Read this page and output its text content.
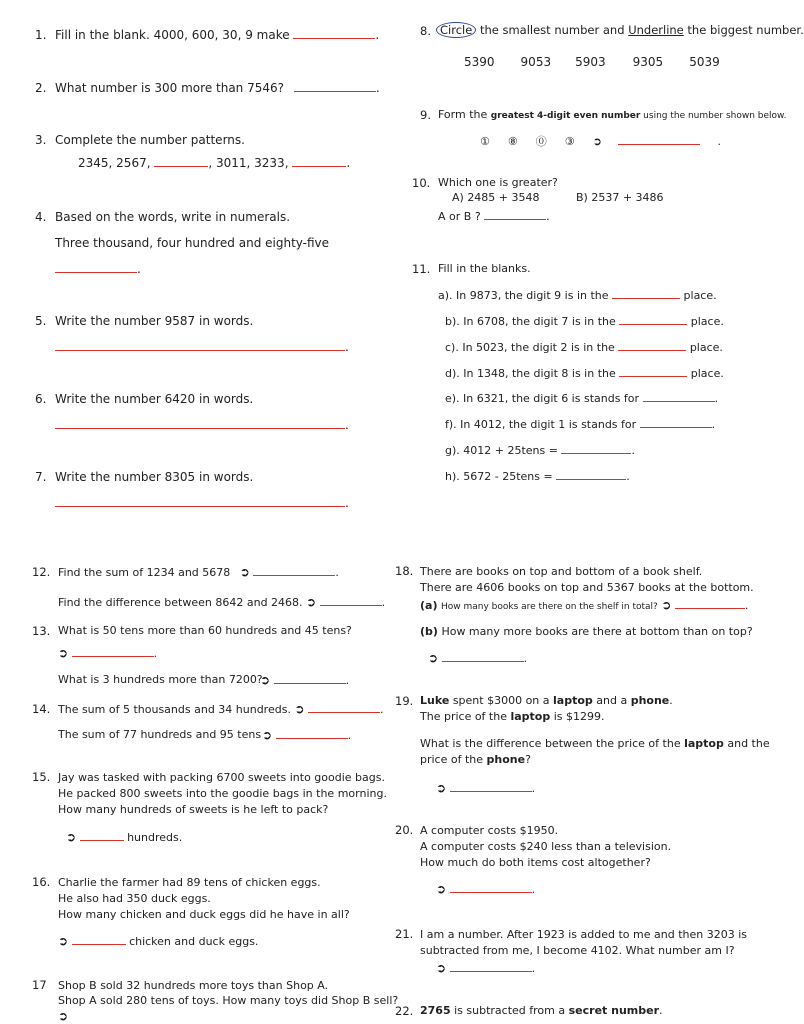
1. Fill in the blank. 4000, 600, 30, 9 make	.
2. What number is 300 more than 7546?	.
3. Complete the number patterns.
2345, 2567,	, 3011, 3233,	.
4. Based on the words, write in numerals.
Three thousand, four hundred and eighty-five
.
5. Write the number 9587 in words.
.
6. Write the number 6420 in words.
.
7. Write the number 8305 in words.
.
8. Circle the smallest number and Underline the biggest number.
5390 9053 5903 9305 5039
9. Form the greatest 4-digit even number using the number shown below.
① ⑧ ⓪ ③ ➲	.
10. Which one is greater?
A) 2485 + 3548	B) 2537 + 3486
A or B ?	.
11. Fill in the blanks.
a). In 9873, the digit 9 is in the	place.
b). In 6708, the digit 7 is in the	place.
c). In 5023, the digit 2 is in the	place.
d). In 1348, the digit 8 is in the	place.
e). In 6321, the digit 6 is stands for	.
f). In 4012, the digit 1 is stands for	.
g). 4012 + 25tens =	.
h). 5672 - 25tens =	.
12. Find the sum of 1234 and 5678 ➲	.
Find the difference between 8642 and 2468. ➲	.
13. What is 50 tens more than 60 hundreds and 45 tens?
➲	.
What is 3 hundreds more than 7200?
➲	.
14. The sum of 5 thousands and 34 hundreds. ➲	.
The sum of 77 hundreds and 95 tens ➲	.
15. Jay was tasked with packing 6700 sweets into goodie bags.
He packed 800 sweets into the goodie bags in the morning.
How many hundreds of sweets is he left to pack?
➲	hundreds.
16. Charlie the farmer had 89 tens of chicken eggs.
He also had 350 duck eggs.
How many chicken and duck eggs did he have in all?
➲	chicken and duck eggs.
17 Shop B sold 32 hundreds more toys than Shop A.
Shop A sold 280 tens of toys. How many toys did Shop B sell?
➲
18. There are books on top and bottom of a book shelf.
There are 4606 books on top and 5367 books at the bottom.
(a) How many books are there on the shelf in total? ➲	.
(b) How many more books are there at bottom than on top?
➲	.
19. Luke spent $3000 on a laptop and a phone.
The price of the laptop is $1299.
What is the difference between the price of the laptop and the
price of the phone?
➲	.
20. A computer costs $1950.
A computer costs $240 less than a television.
How much do both items cost altogether?
➲	.
21. I am a number. After 1923 is added to me and then 3203 is
subtracted from me, I become 4102. What number am I?
➲	.
22. 2765 is subtracted from a secret number.
